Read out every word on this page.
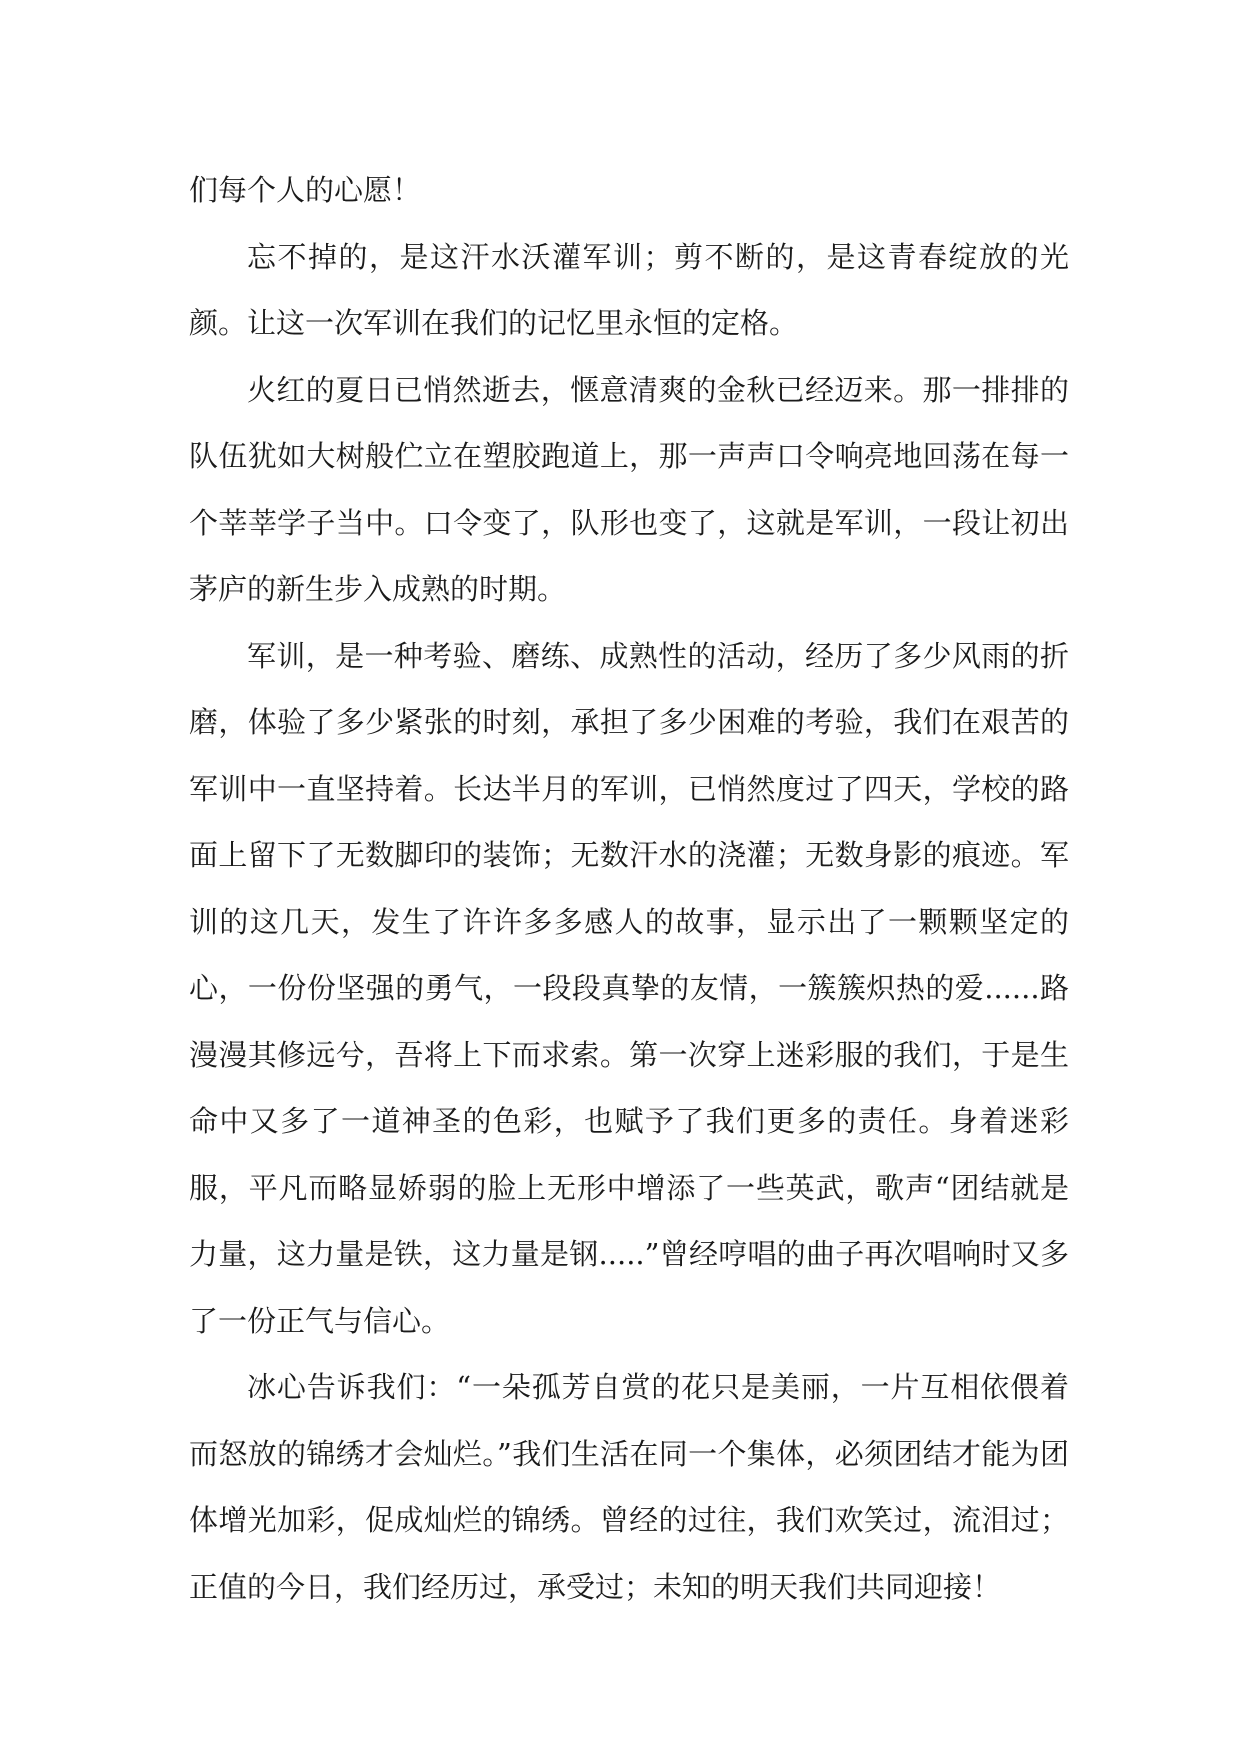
们每个人的心愿！

忘不掉的，是这汗水沃灌军训；剪不断的，是这青春绽放的光颜。让这一次军训在我们的记忆里永恒的定格。

火红的夏日已悄然逝去，惬意清爽的金秋已经迈来。那一排排的队伍犹如大树般伫立在塑胶跑道上，那一声声口令响亮地回荡在每一个莘莘学子当中。口令变了，队形也变了，这就是军训，一段让初出茅庐的新生步入成熟的时期。

军训，是一种考验、磨练、成熟性的活动，经历了多少风雨的折磨，体验了多少紧张的时刻，承担了多少困难的考验，我们在艰苦的军训中一直坚持着。长达半月的军训，已悄然度过了四天，学校的路面上留下了无数脚印的装饰；无数汗水的浇灌；无数身影的痕迹。军训的这几天，发生了许许多多感人的故事，显示出了一颗颗坚定的心，一份份坚强的勇气，一段段真挚的友情，一簇簇炽热的爱......路漫漫其修远兮，吾将上下而求索。第一次穿上迷彩服的我们，于是生命中又多了一道神圣的色彩，也赋予了我们更多的责任。身着迷彩服，平凡而略显娇弱的脸上无形中增添了一些英武，歌声“团结就是力量，这力量是铁，这力量是钢.....”曾经哼唱的曲子再次唱响时又多了一份正气与信心。

冰心告诉我们：“一朵孤芳自赏的花只是美丽，一片互相依偎着而怒放的锦绣才会灿烂。”我们生活在同一个集体，必须团结才能为团体增光加彩，促成灿烂的锦绣。曾经的过往，我们欢笑过，流泪过；正值的今日，我们经历过，承受过；未知的明天我们共同迎接！
